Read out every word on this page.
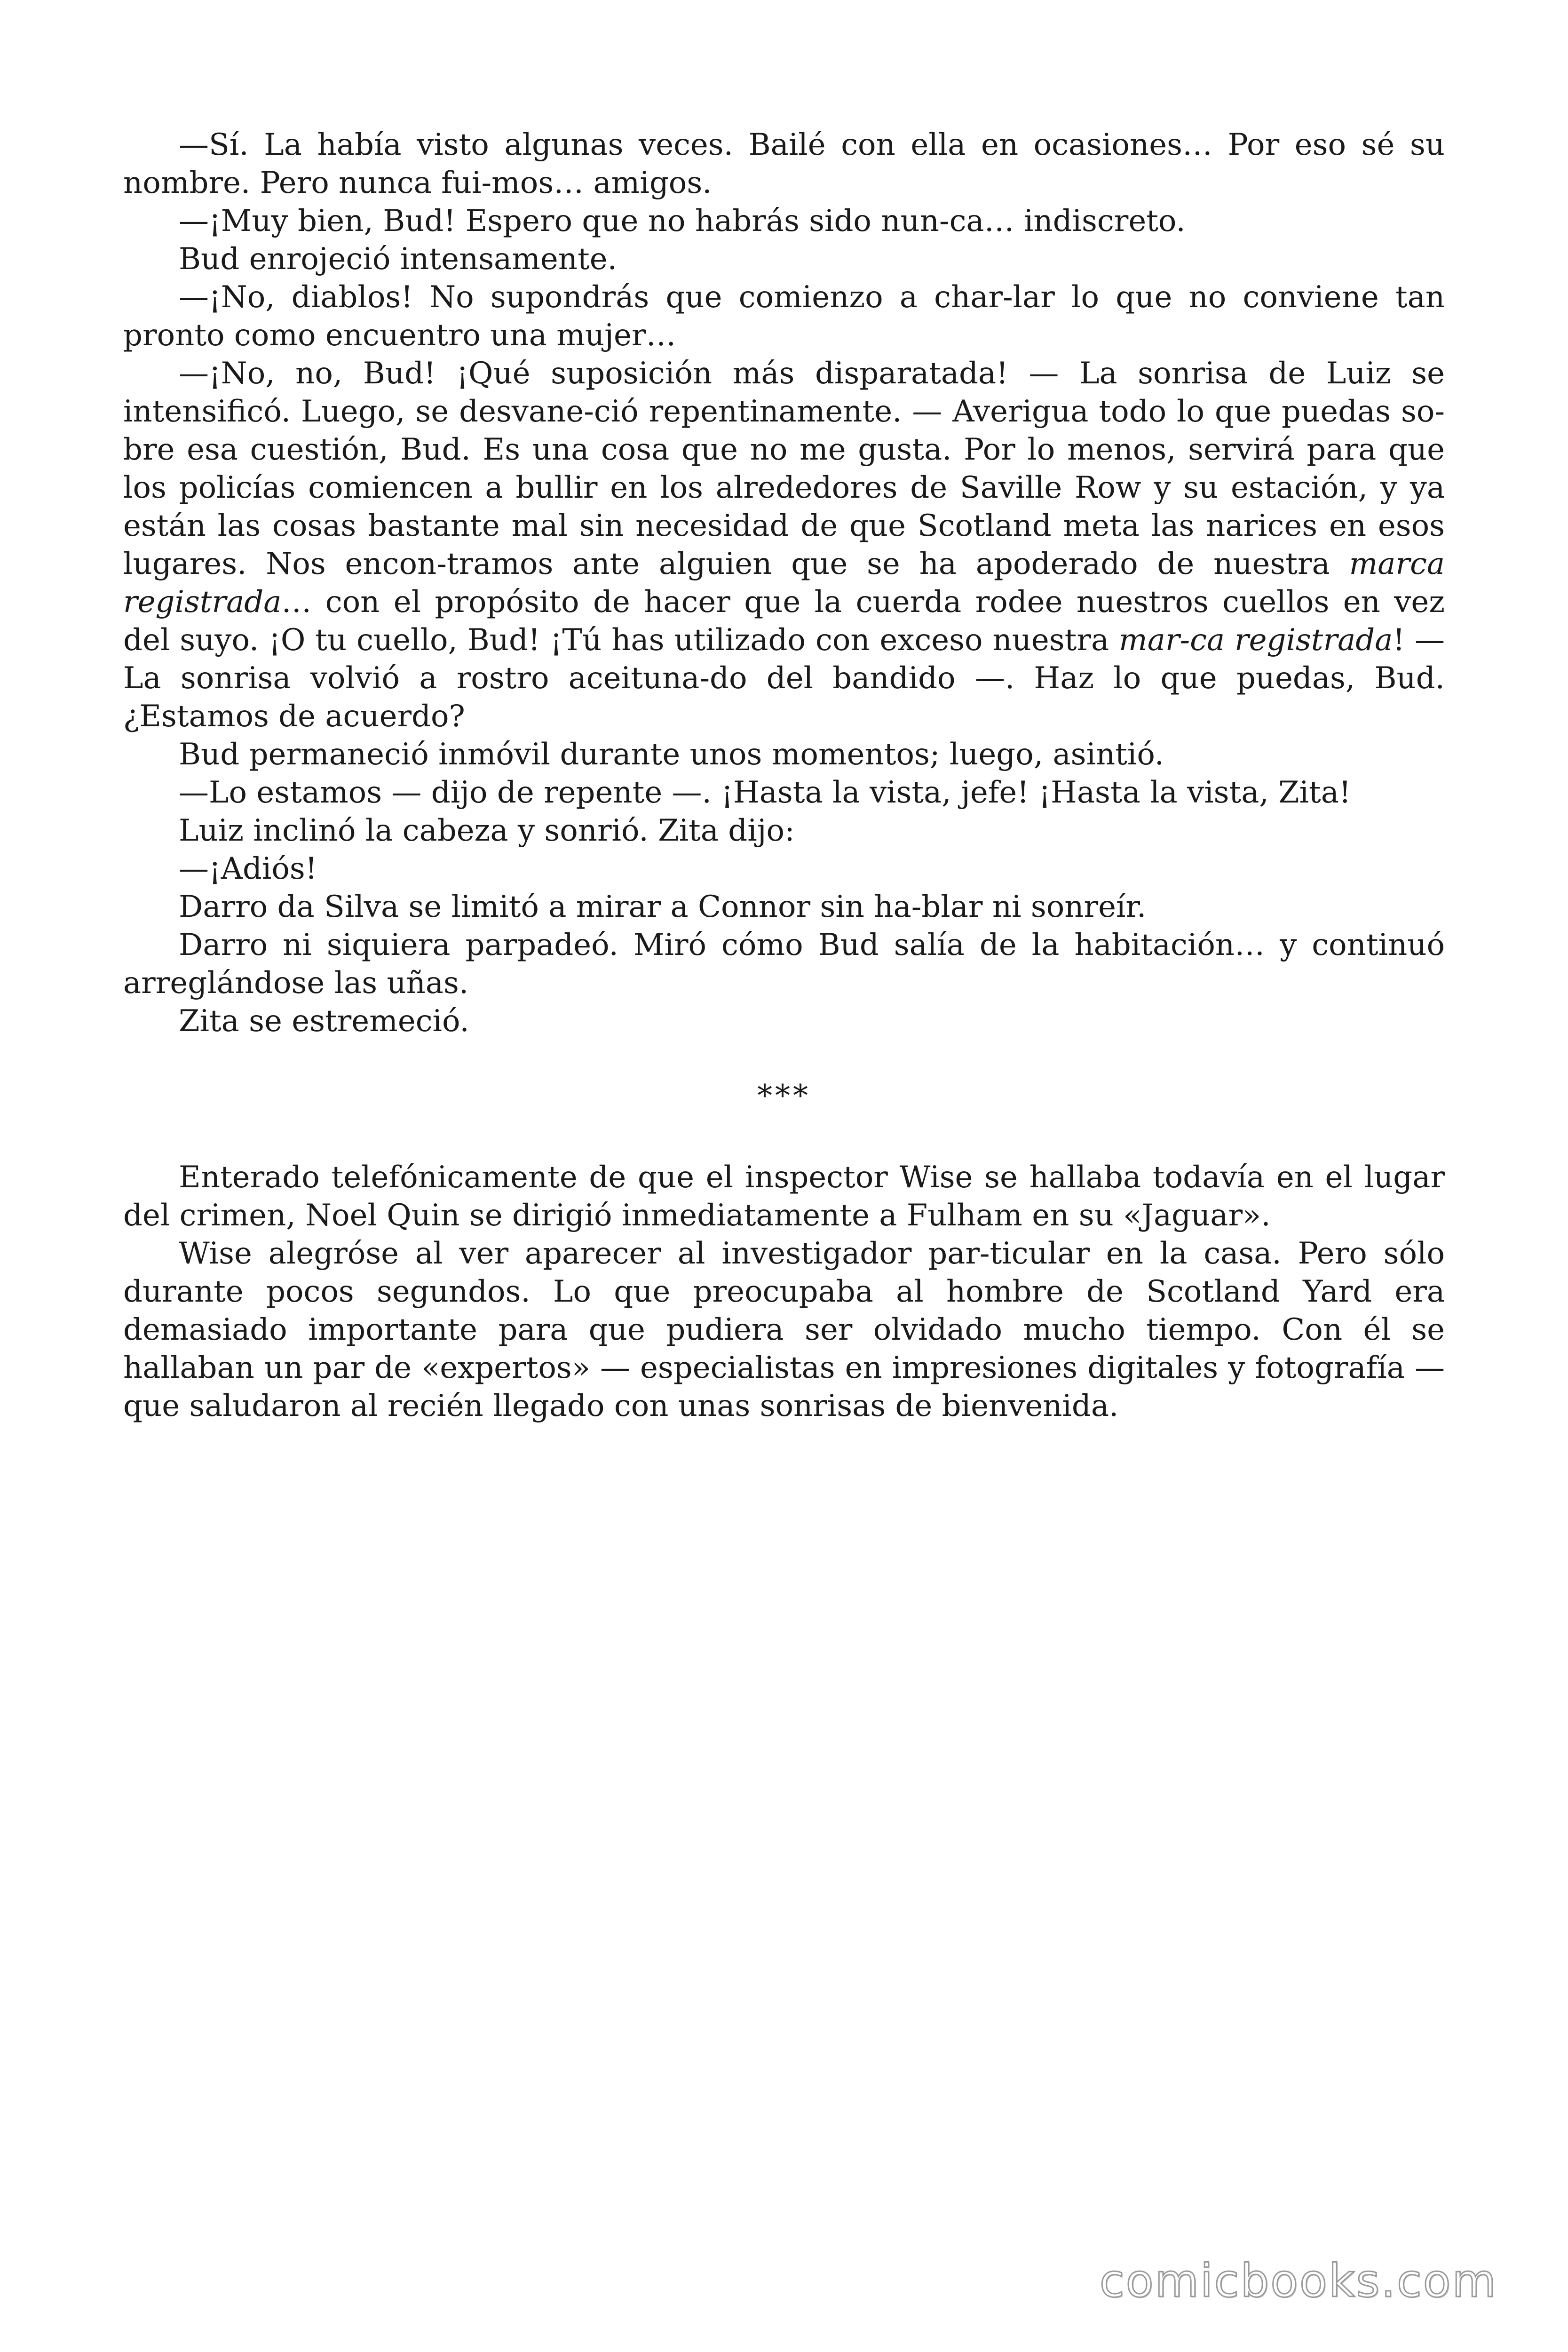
—Sí. La había visto algunas veces. Bailé con ella en ocasiones… Por eso sé su nombre. Pero nunca fui-mos… amigos.

—¡Muy bien, Bud! Espero que no habrás sido nun-ca… indiscreto.

Bud enrojeció intensamente.

—¡No, diablos! No supondrás que comienzo a char-lar lo que no conviene tan pronto como encuentro una mujer…

—¡No, no, Bud! ¡Qué suposición más disparatada! — La sonrisa de Luiz se intensificó. Luego, se desvane-ció repentinamente. — Averigua todo lo que puedas so-bre esa cuestión, Bud. Es una cosa que no me gusta. Por lo menos, servirá para que los policías comiencen a bullir en los alrededores de Saville Row y su estación, y ya están las cosas bastante mal sin necesidad de que Scotland meta las narices en esos lugares. Nos encon-tramos ante alguien que se ha apoderado de nuestra marca registrada… con el propósito de hacer que la cuerda rodee nuestros cuellos en vez del suyo. ¡O tu cuello, Bud! ¡Tú has utilizado con exceso nuestra mar-ca registrada! — La sonrisa volvió a rostro aceituna-do del bandido —. Haz lo que puedas, Bud. ¿Estamos de acuerdo?

Bud permaneció inmóvil durante unos momentos; luego, asintió.

—Lo estamos — dijo de repente —. ¡Hasta la vista, jefe! ¡Hasta la vista, Zita!

Luiz inclinó la cabeza y sonrió. Zita dijo:

—¡Adiós!

Darro da Silva se limitó a mirar a Connor sin ha-blar ni sonreír.

Darro ni siquiera parpadeó. Miró cómo Bud salía de la habitación… y continuó arreglándose las uñas.

Zita se estremeció.

***

Enterado telefónicamente de que el inspector Wise se hallaba todavía en el lugar del crimen, Noel Quin se dirigió inmediatamente a Fulham en su «Jaguar».

Wise alegróse al ver aparecer al investigador par-ticular en la casa. Pero sólo durante pocos segundos. Lo que preocupaba al hombre de Scotland Yard era demasiado importante para que pudiera ser olvidado mucho tiempo. Con él se hallaban un par de «expertos» — especialistas en impresiones digitales y fotografía — que saludaron al recién llegado con unas sonrisas de bienvenida.

comicbooks.com
